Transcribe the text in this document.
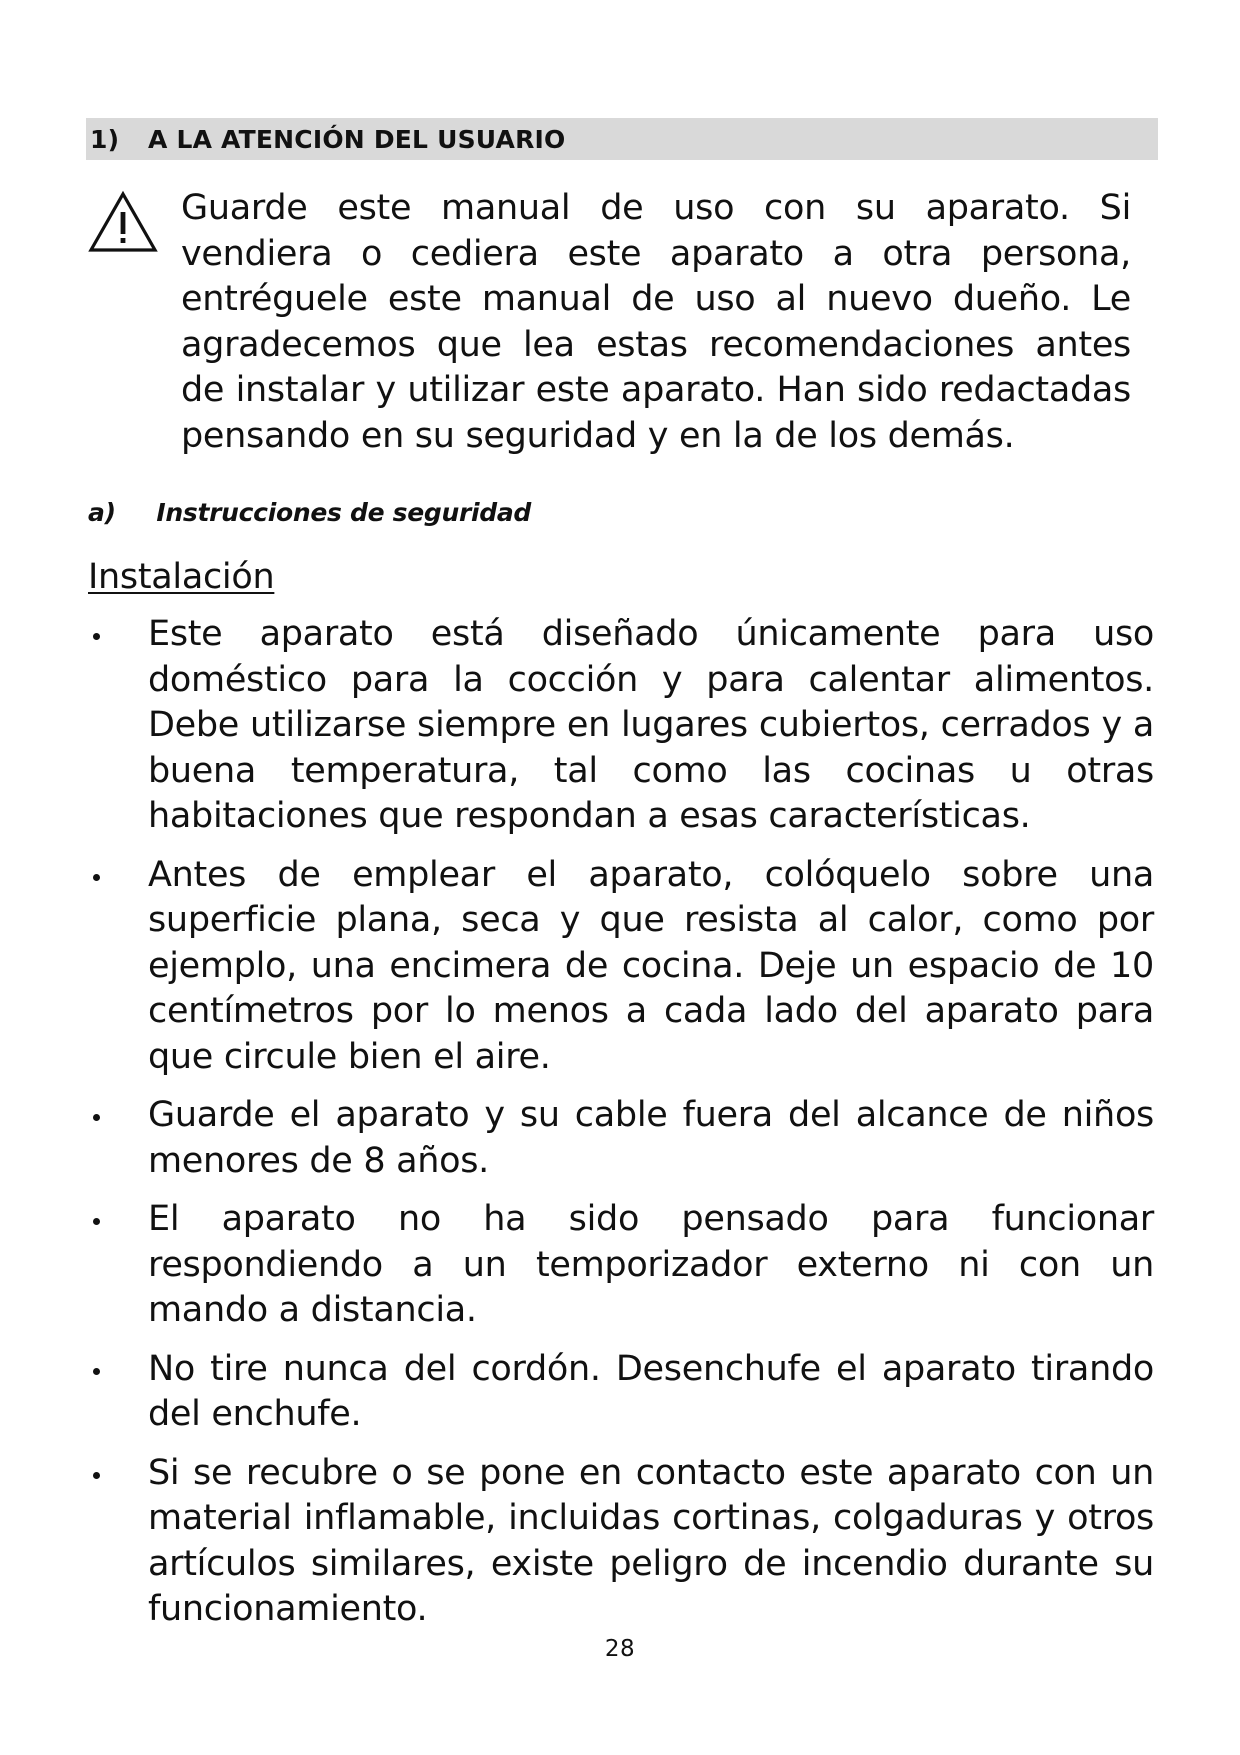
1)	A LA ATENCIÓN DEL USUARIO
Guarde este manual de uso con su aparato. Si vendiera o cediera este aparato a otra persona, entréguele este manual de uso al nuevo dueño. Le agradecemos que lea estas recomendaciones antes de instalar y utilizar este aparato. Han sido redactadas pensando en su seguridad y en la de los demás.
a) Instrucciones de seguridad
Instalación
Este aparato está diseñado únicamente para uso doméstico para la cocción y para calentar alimentos. Debe utilizarse siempre en lugares cubiertos, cerrados y a buena temperatura, tal como las cocinas u otras habitaciones que respondan a esas características.
Antes de emplear el aparato, colóquelo sobre una superficie plana, seca y que resista al calor, como por ejemplo, una encimera de cocina. Deje un espacio de 10 centímetros por lo menos a cada lado del aparato para que circule bien el aire.
Guarde el aparato y su cable fuera del alcance de niños menores de 8 años.
El aparato no ha sido pensado para funcionar respondiendo a un temporizador externo ni con un mando a distancia.
No tire nunca del cordón. Desenchufe el aparato tirando del enchufe.
Si se recubre o se pone en contacto este aparato con un material inflamable, incluidas cortinas, colgaduras y otros artículos similares, existe peligro de incendio durante su funcionamiento.
28
